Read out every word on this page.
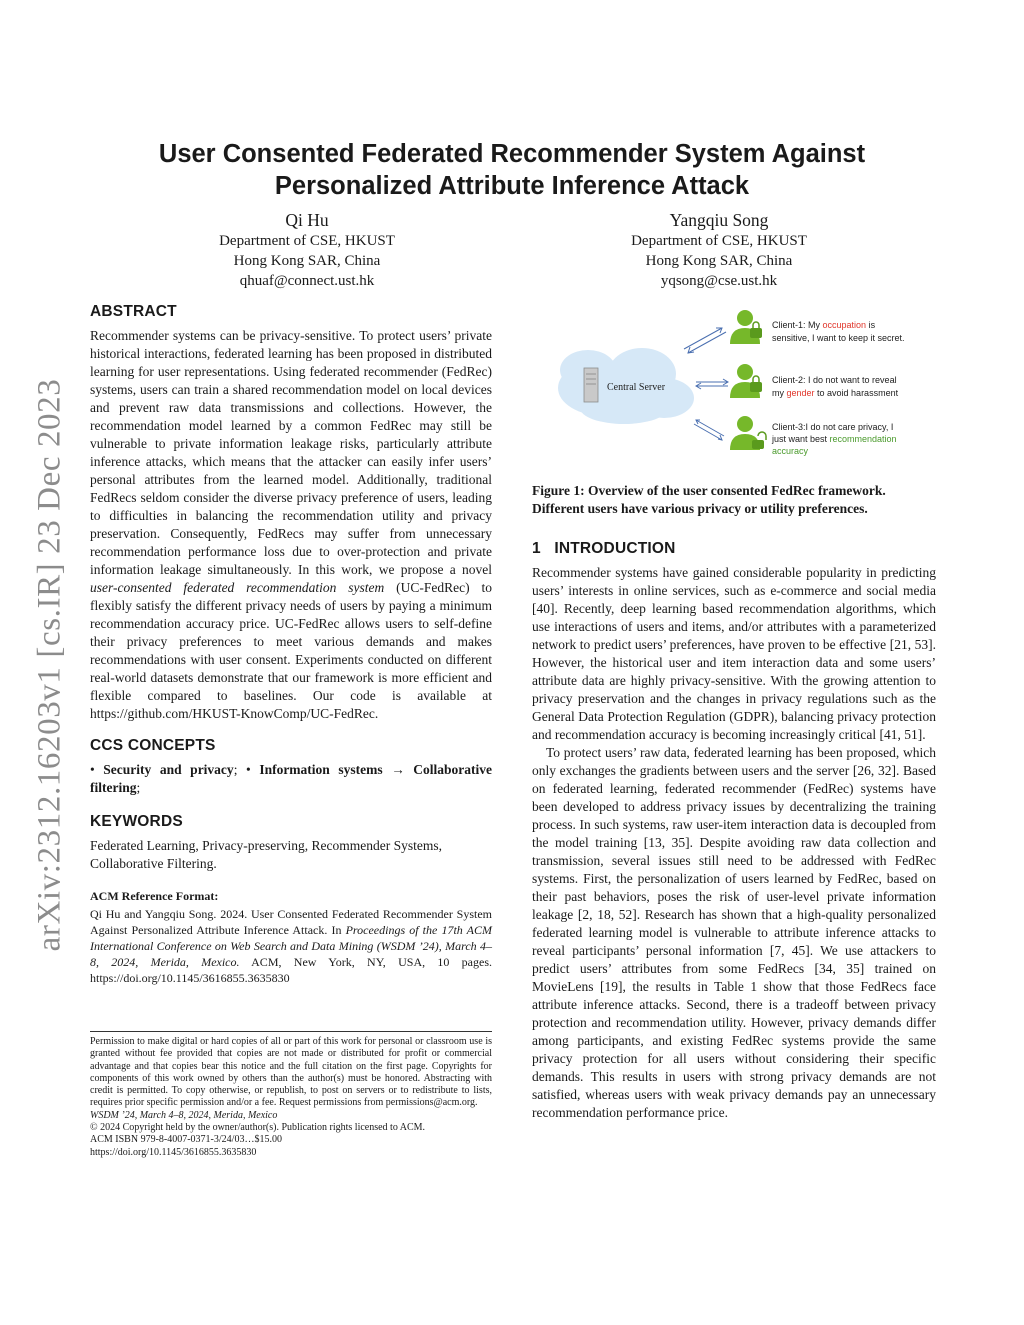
arXiv:2312.16203v1 [cs.IR] 23 Dec 2023
User Consented Federated Recommender System Against Personalized Attribute Inference Attack
Qi Hu
Department of CSE, HKUST
Hong Kong SAR, China
qhuaf@connect.ust.hk
Yangqiu Song
Department of CSE, HKUST
Hong Kong SAR, China
yqsong@cse.ust.hk
ABSTRACT

Recommender systems can be privacy-sensitive. To protect users’ private historical interactions, federated learning has been proposed in distributed learning for user representations. Using federated recommender (FedRec) systems, users can train a shared recommendation model on local devices and prevent raw data transmissions and collections. However, the recommendation model learned by a common FedRec may still be vulnerable to private information leakage risks, particularly attribute inference attacks, which means that the attacker can easily infer users’ personal attributes from the learned model. Additionally, traditional FedRecs seldom consider the diverse privacy preference of users, leading to difficulties in balancing the recommendation utility and privacy preservation. Consequently, FedRecs may suffer from unnecessary recommendation performance loss due to over-protection and private information leakage simultaneously. In this work, we propose a novel user-consented federated recommendation system (UC-FedRec) to flexibly satisfy the different privacy needs of users by paying a minimum recommendation accuracy price. UC-FedRec allows users to self-define their privacy preferences to meet various demands and makes recommendations with user consent. Experiments conducted on different real-world datasets demonstrate that our framework is more efficient and flexible compared to baselines. Our code is available at https://github.com/HKUST-KnowComp/UC-FedRec.

CCS CONCEPTS

• Security and privacy; • Information systems → Collaborative filtering;

KEYWORDS

Federated Learning, Privacy-preserving, Recommender Systems, Collaborative Filtering.

ACM Reference Format:

Qi Hu and Yangqiu Song. 2024. User Consented Federated Recommender System Against Personalized Attribute Inference Attack. In Proceedings of the 17th ACM International Conference on Web Search and Data Mining (WSDM ’24), March 4–8, 2024, Merida, Mexico. ACM, New York, NY, USA, 10 pages. https://doi.org/10.1145/3616855.3635830

Permission to make digital or hard copies of all or part of this work for personal or classroom use is granted without fee provided that copies are not made or distributed for profit or commercial advantage and that copies bear this notice and the full citation on the first page. Copyrights for components of this work owned by others than the author(s) must be honored. Abstracting with credit is permitted. To copy otherwise, or republish, to post on servers or to redistribute to lists, requires prior specific permission and/or a fee. Request permissions from permissions@acm.org.

WSDM ’24, March 4–8, 2024, Merida, Mexico

© 2024 Copyright held by the owner/author(s). Publication rights licensed to ACM.

ACM ISBN 979-8-4007-0371-3/24/03…$15.00

https://doi.org/10.1145/3616855.3635830

Central Server
Client-1: My occupation is
sensitive, I want to keep it secret.
Client-2: I do not want to reveal
my gender to avoid harassment
Client-3:I do not care privacy, I
just want best recommendation
accuracy
Figure 1: Overview of the user consented FedRec framework. Different users have various privacy or utility preferences.
1   INTRODUCTION

Recommender systems have gained considerable popularity in predicting users’ interests in online services, such as e-commerce and social media [40]. Recently, deep learning based recommendation algorithms, which use interactions of users and items, and/or attributes with a parameterized network to predict users’ preferences, have proven to be effective [21, 53]. However, the historical user and item interaction data and some users’ attribute data are highly privacy-sensitive. With the growing attention to privacy preservation and the changes in privacy regulations such as the General Data Protection Regulation (GDPR), balancing privacy protection and recommendation accuracy is becoming increasingly critical [41, 51].

To protect users’ raw data, federated learning has been proposed, which only exchanges the gradients between users and the server [26, 32]. Based on federated learning, federated recommender (FedRec) systems have been developed to address privacy issues by decentralizing the training process. In such systems, raw user-item interaction data is decoupled from the model training [13, 35]. Despite avoiding raw data collection and transmission, several issues still need to be addressed with FedRec systems. First, the personalization of users learned by FedRec, based on their past behaviors, poses the risk of user-level private information leakage [2, 18, 52]. Research has shown that a high-quality personalized federated learning model is vulnerable to attribute inference attacks to reveal participants’ personal information [7, 45]. We use attackers to predict users’ attributes from some FedRecs [34, 35] trained on MovieLens [19], the results in Table 1 show that those FedRecs face attribute inference attacks. Second, there is a tradeoff between privacy protection and recommendation utility. However, privacy demands differ among participants, and existing FedRec systems provide the same privacy protection for all users without considering their specific demands. This results in users with strong privacy demands are not satisfied, whereas users with weak privacy demands pay an unnecessary recommendation performance price.
